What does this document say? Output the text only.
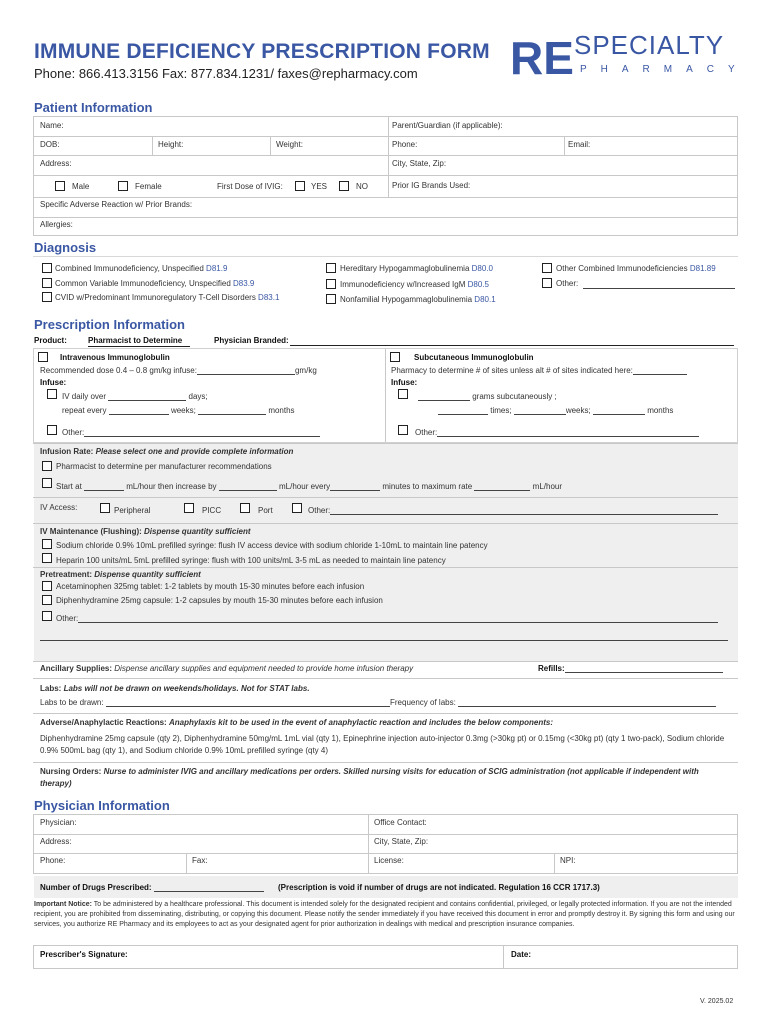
IMMUNE DEFICIENCY PRESCRIPTION FORM
Phone: 866.413.3156 Fax: 877.834.1231/ faxes@repharmacy.com RE SPECIALTY
PHARMACY
Patient Information
Name:	Parent/Guardian (if applicable):
DOB:	Height:	Weight:	Phone:	Email:
Address:	City, State, Zip:
Male	Female	First Dose of IVIG:	YES	NO	Prior IG Brands Used:
Specific Adverse Reaction w/ Prior Brands:
Allergies:
Diagnosis
Combined Immunodeficiency, Unspecified D81.9
Common Variable Immunodeficiency, Unspecified D83.9
CVID w/Predominant Immunoregulatory T-Cell Disorders D83.1
Hereditary Hypogammaglobulinemia D80.0
Immunodeficiency w/Increased IgM D80.5
Nonfamilial Hypogammaglobulinemia D80.1
Other Combined Immunodeficiencies D81.89
Other:
Prescription Information
Product:	Pharmacist to Determine	Physician Branded:
Intravenous Immunoglobulin
Recommended dose 0.4 – 0.8 gm/kg infuse:	gm/kg
Infuse:
IV daily over	days;
repeat every	weeks;	months
Other:
Subcutaneous Immunoglobulin
Pharmacy to determine # of sites unless alt # of sites indicated here:
Infuse:
grams subcutaneously ;
times;	weeks;	months
Other:
Infusion Rate: Please select one and provide complete information
Pharmacist to determine per manufacturer recommendations
Start at	mL/hour then increase by	mL/hour every	minutes to maximum rate	mL/hour
IV Access:	Peripheral	PICC	Port	Other:
IV Maintenance (Flushing): Dispense quantity sufficient
Sodium chloride 0.9% 10mL prefilled syringe: flush IV access device with sodium chloride 1-10mL to maintain line patency
Heparin 100 units/mL 5mL prefilled syringe: flush with 100 units/mL 3-5 mL as needed to maintain line patency
Pretreatment: Dispense quantity sufficient
Acetaminophen 325mg tablet: 1-2 tablets by mouth 15-30 minutes before each infusion
Diphenhydramine 25mg capsule: 1-2 capsules by mouth 15-30 minutes before each infusion
Other:
Ancillary Supplies: Dispense ancillary supplies and equipment needed to provide home infusion therapy	Refills:
Labs: Labs will not be drawn on weekends/holidays. Not for STAT labs.
Labs to be drawn:	Frequency of labs:
Adverse/Anaphylactic Reactions: Anaphylaxis kit to be used in the event of anaphylactic reaction and includes the below components:
Diphenhydramine 25mg capsule (qty 2), Diphenhydramine 50mg/mL 1mL vial (qty 1), Epinephrine injection auto-injector 0.3mg (>30kg pt) or 0.15mg (<30kg pt) (qty 1 two-pack), Sodium chloride 0.9% 500mL bag (qty 1), and Sodium chloride 0.9% 10mL prefilled syringe (qty 4)
Nursing Orders: Nurse to administer IVIG and ancillary medications per orders. Skilled nursing visits for education of SCIG administration (not applicable if independent with therapy)
Physician Information
Physician:	Office Contact:
Address:	City, State, Zip:
Phone:	Fax:	License:	NPI:
Number of Drugs Prescribed:	(Prescription is void if number of drugs are not indicated. Regulation 16 CCR 1717.3)
Important Notice: To be administered by a healthcare professional. This document is intended solely for the designated recipient and contains confidential, privileged, or legally protected information. If you are not the intended recipient, you are prohibited from disseminating, distributing, or copying this document. Please notify the sender immediately if you have received this document in error and promptly destroy it. By signing this form and using our services, you authorize RE Pharmacy and its employees to act as your designated agent for prior authorization in dealings with medical and prescription insurance companies.
Prescriber's Signature:	Date:
V. 2025.02
